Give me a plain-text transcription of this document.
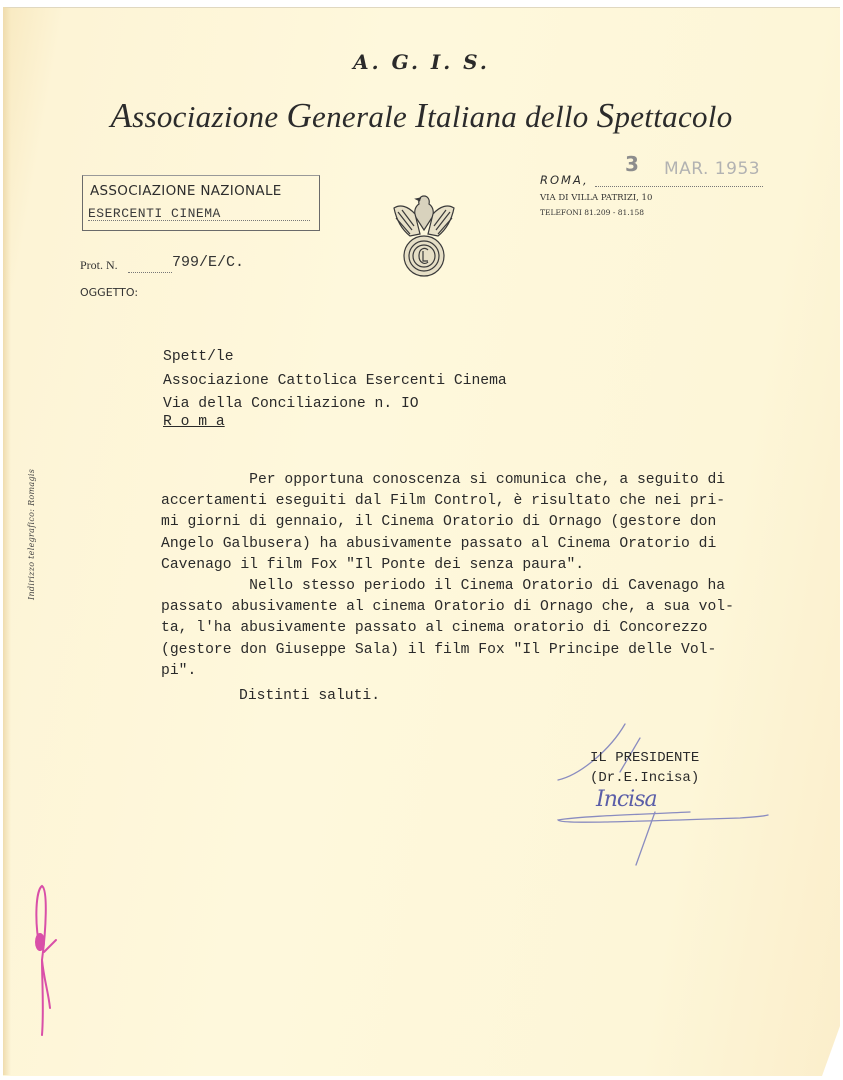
A. G. I. S.
Associazione Generale Italiana dello Spettacolo
ASSOCIAZIONE NAZIONALE
ESERCENTI CINEMA
Prot. N.	799/E/C.
OGGETTO:
3 MAR. 1953
ROMA,
VIA DI VILLA PATRIZI, 10
TELEFONI 81.209 - 81.158
Indirizzo telegrafico: Romagis
Spett/le
Associazione Cattolica Esercenti Cinema
Via della Conciliazione n. IO
R o m a
Per opportuna conoscenza si comunica che, a seguito di
accertamenti eseguiti dal Film Control, è risultato che nei pri-
mi giorni di gennaio, il Cinema Oratorio di Ornago (gestore don
Angelo Galbusera) ha abusivamente passato al Cinema Oratorio di
Cavenago il film Fox "Il Ponte dei senza paura".
Nello stesso periodo il Cinema Oratorio di Cavenago ha
passato abusivamente al cinema Oratorio di Ornago che, a sua vol-
ta, l'ha abusivamente passato al cinema oratorio di Concorezzo
(gestore don Giuseppe Sala) il film Fox "Il Principe delle Vol-
pi".
Distinti saluti.
IL PRESIDENTE
(Dr.E.Incisa)
Incisa
